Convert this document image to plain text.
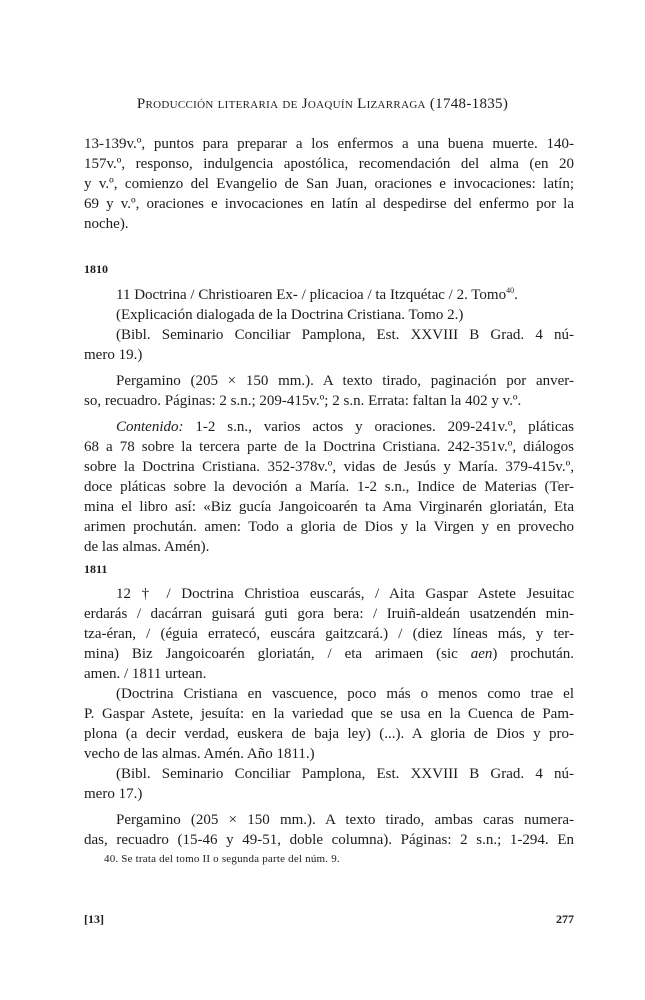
Producción literaria de Joaquín Lizarraga (1748-1835)
13-139v.º, puntos para preparar a los enfermos a una buena muerte. 140-
157v.º, responso, indulgencia apostólica, recomendación del alma (en 20
y v.º, comienzo del Evangelio de San Juan, oraciones e invocaciones: latín;
69 y v.º, oraciones e invocaciones en latín al despedirse del enfermo por la
noche).
1810
11 Doctrina / Christioaren Ex- / plicacioa / ta Itzquétac / 2. Tomo$^{40}$.
(Explicación dialogada de la Doctrina Cristiana. Tomo 2.)
(Bibl. Seminario Conciliar Pamplona, Est. XXVIII B Grad. 4 nú-
mero 19.)
Pergamino (205 × 150 mm.). A texto tirado, paginación por anver-
so, recuadro. Páginas: 2 s.n.; 209-415v.º; 2 s.n. Errata: faltan la 402 y v.º.
Contenido: 1-2 s.n., varios actos y oraciones. 209-241v.º, pláticas
68 a 78 sobre la tercera parte de la Doctrina Cristiana. 242-351v.º, diálogos
sobre la Doctrina Cristiana. 352-378v.º, vidas de Jesús y María. 379-415v.º,
doce pláticas sobre la devoción a María. 1-2 s.n., Indice de Materias (Ter-
mina el libro así: «Biz gucía Jangoicoarén ta Ama Virginarén gloriatán, Eta
arimen prochután. amen: Todo a gloria de Dios y la Virgen y en provecho
de las almas. Amén).
1811
12 † / Doctrina Christioa euscarás, / Aita Gaspar Astete Jesuitac
erdarás / dacárran guisará guti gora bera: / Iruiñ-aldeán usatzendén min-
tza-éran, / (éguia erratecó, euscára gaitzcará.) / (diez líneas más, y ter-
mina) Biz Jangoicoarén gloriatán, / eta arimaen (sic aen) prochután.
amen. / 1811 urtean.
(Doctrina Cristiana en vascuence, poco más o menos como trae el
P. Gaspar Astete, jesuíta: en la variedad que se usa en la Cuenca de Pam-
plona (a decir verdad, euskera de baja ley) (...). A gloria de Dios y pro-
vecho de las almas. Amén. Año 1811.)
(Bibl. Seminario Conciliar Pamplona, Est. XXVIII B Grad. 4 nú-
mero 17.)
Pergamino (205 × 150 mm.). A texto tirado, ambas caras numera-
das, recuadro (15-46 y 49-51, doble columna). Páginas: 2 s.n.; 1-294. En
40. Se trata del tomo II o segunda parte del núm. 9.
[13]	277
